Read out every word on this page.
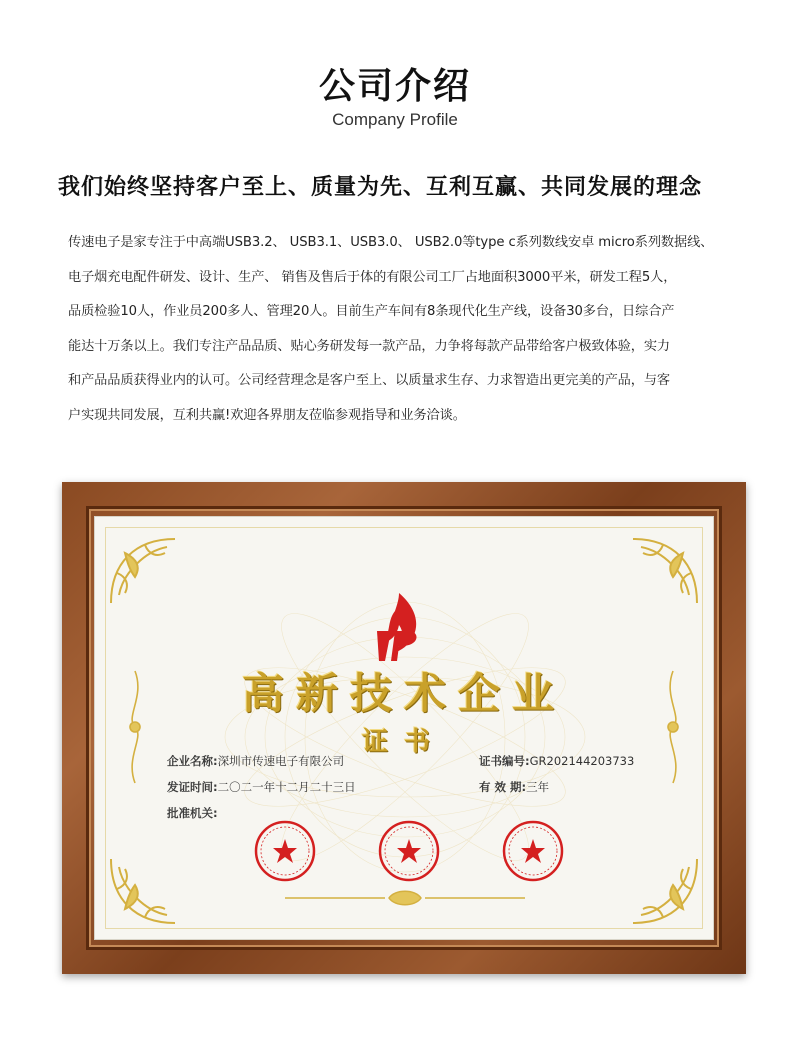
公司介绍
Company Profile
我们始终坚持客户至上、质量为先、互利互赢、共同发展的理念

传速电子是家专注于中高端USB3.2、 USB3.1、USB3.0、 USB2.0等type c系列数线安卓 micro系列数据线、

电子烟充电配件研发、设计、生产、 销售及售后于体的有限公司工厂占地面积3000平米，研发工程5人，

品质检验10人，作业员200多人、管理20人。目前生产车间有8条现代化生产线，设备30多台，日综合产

能达十万条以上。我们专注产品品质、贴心务研发每一款产品，力争将每款产品带给客户极致体验，实力

和产品品质获得业内的认可。公司经营理念是客户至上、以质量求生存、力求智造出更完美的产品，与客

户实现共同发展，互利共赢!欢迎各界朋友莅临参观指导和业务洽谈。

高新技术企业
证书
企业名称:深圳市传速电子有限公司	证书编号:GR202144203733
发证时间:二〇二一年十二月二十三日	有 效 期:三年
批准机关:
